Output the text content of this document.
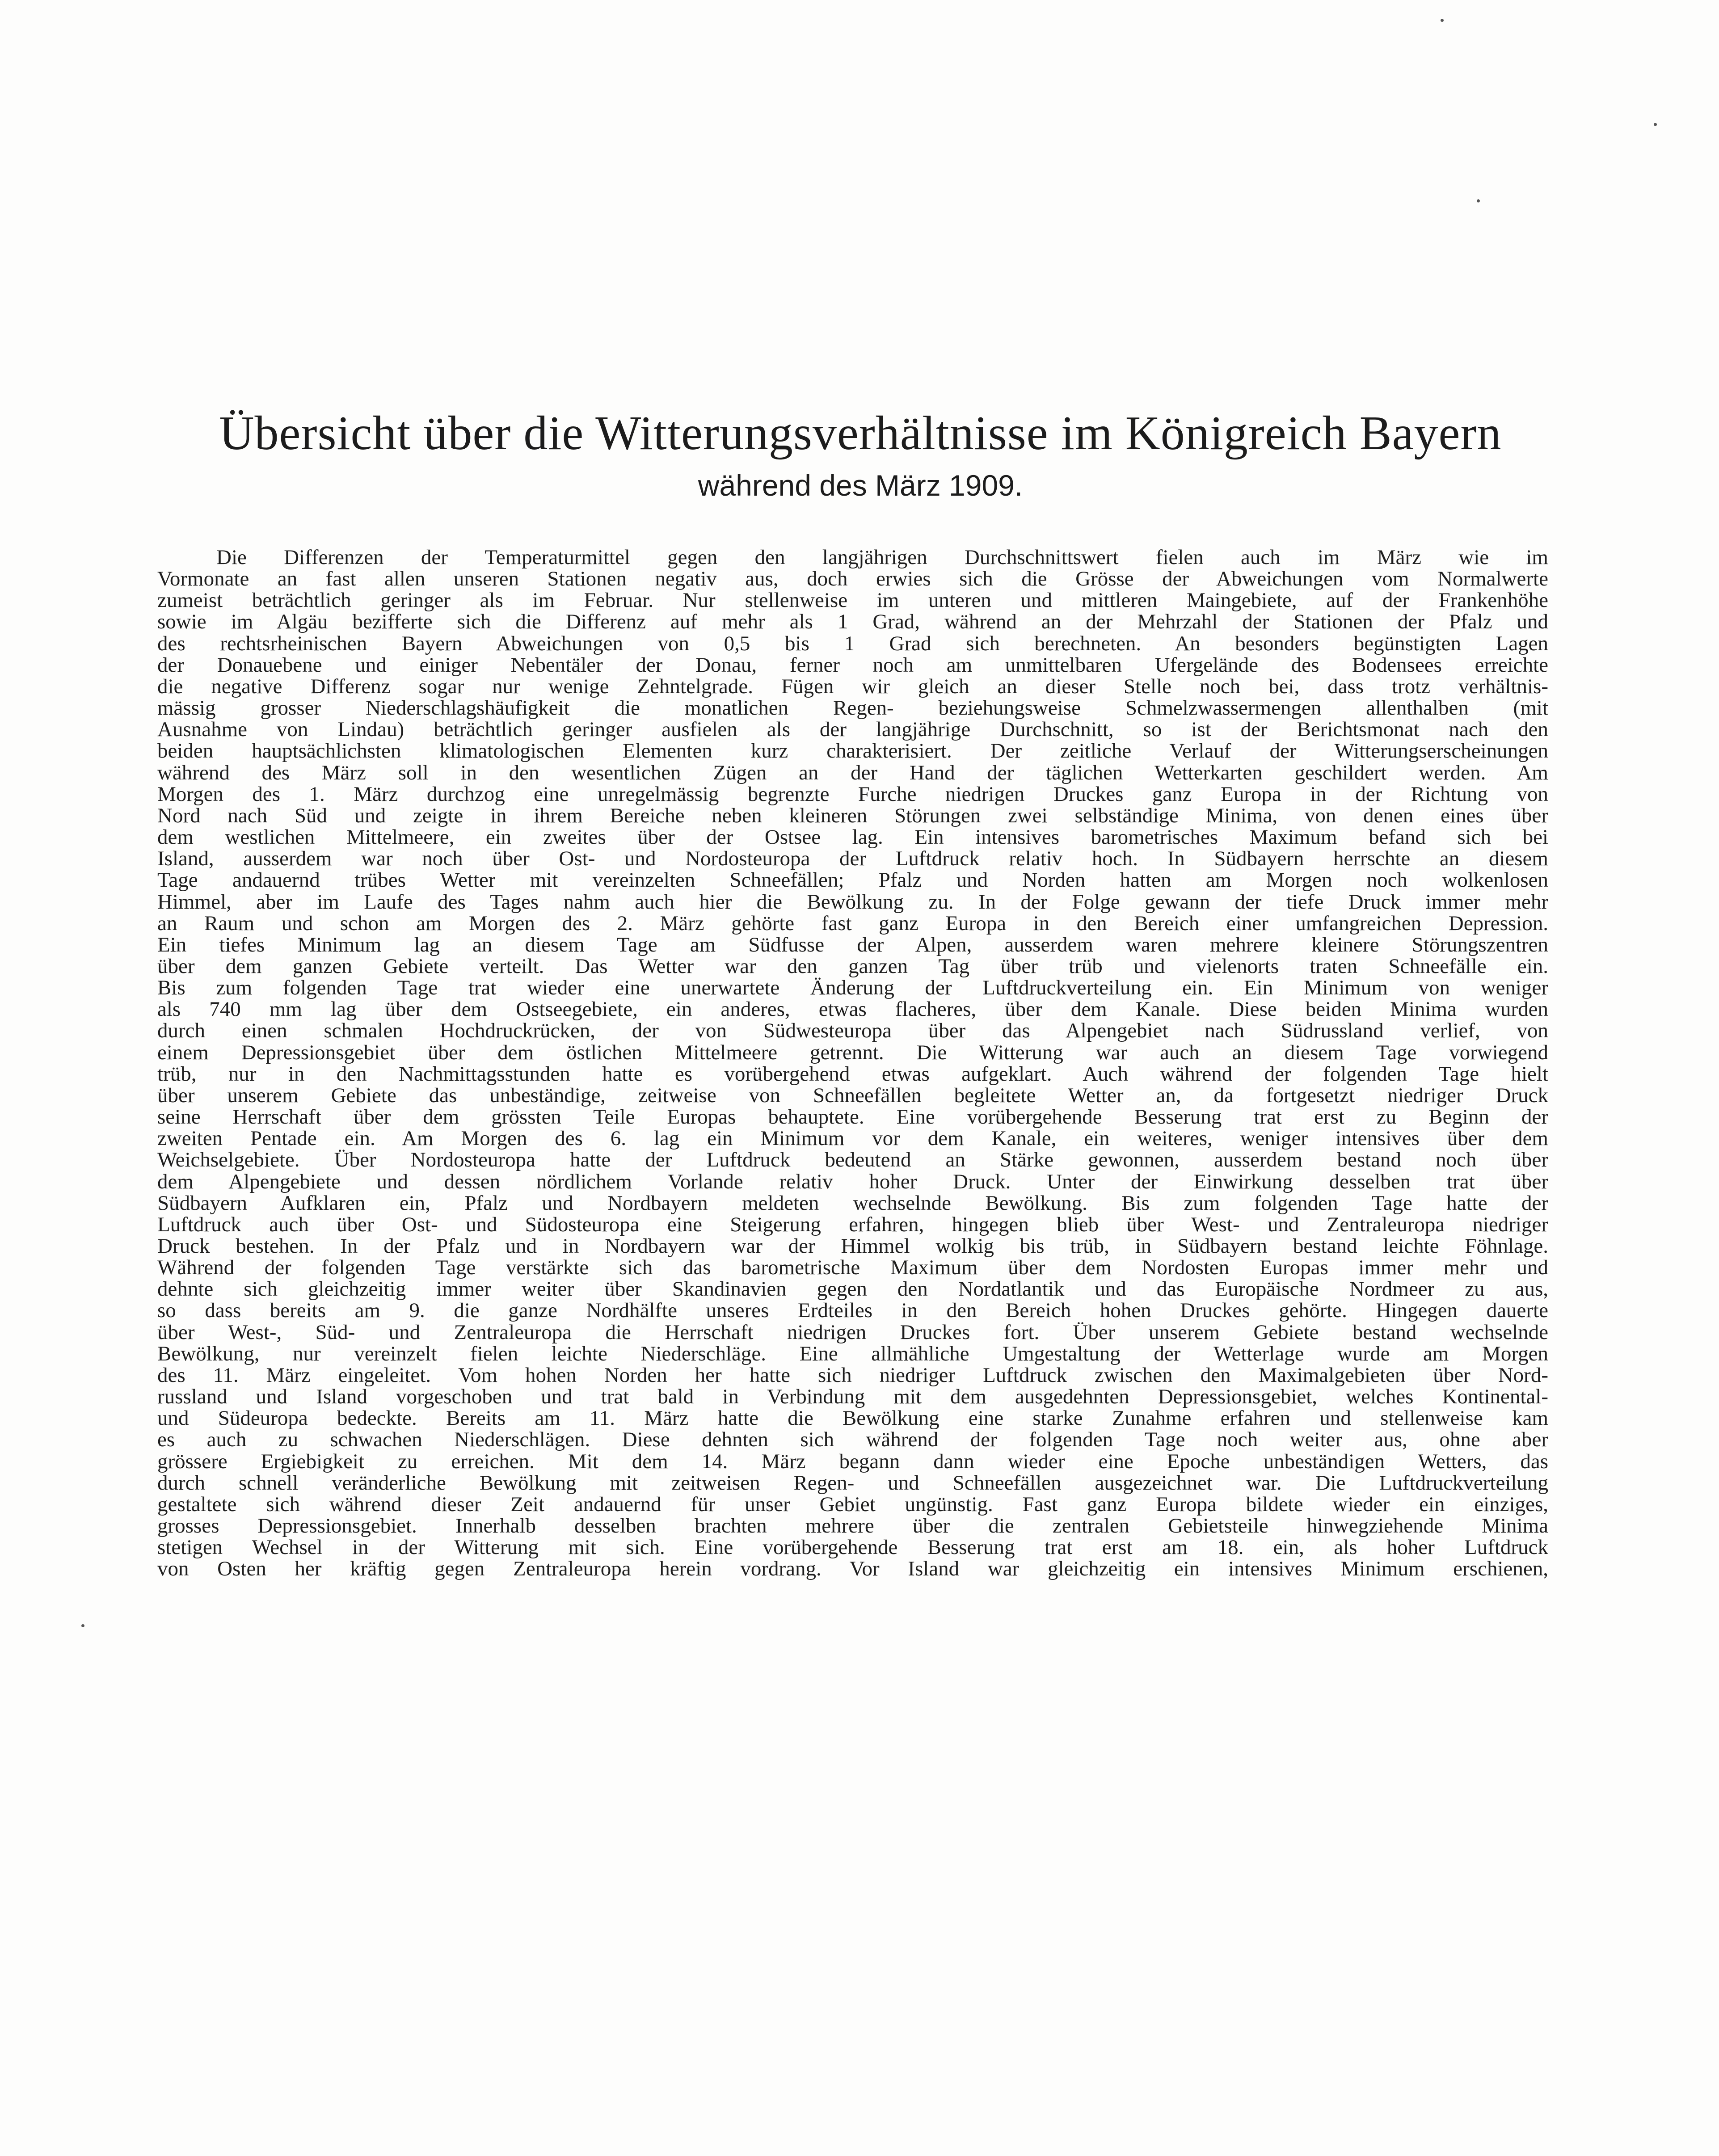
Übersicht über die Witterungsverhältnisse im Königreich Bayern
während des März 1909.
Die Differenzen der Temperaturmittel gegen den langjährigen Durchschnittswert fielen auch im März wie im
Vormonate an fast allen unseren Stationen negativ aus, doch erwies sich die Grösse der Abweichungen vom Normalwerte
zumeist beträchtlich geringer als im Februar. Nur stellenweise im unteren und mittleren Maingebiete, auf der Frankenhöhe
sowie im Algäu bezifferte sich die Differenz auf mehr als 1 Grad, während an der Mehrzahl der Stationen der Pfalz und
des rechtsrheinischen Bayern Abweichungen von 0,5 bis 1 Grad sich berechneten. An besonders begünstigten Lagen
der Donauebene und einiger Nebentäler der Donau, ferner noch am unmittelbaren Ufergelände des Bodensees erreichte
die negative Differenz sogar nur wenige Zehntelgrade. Fügen wir gleich an dieser Stelle noch bei, dass trotz verhältnis-
mässig grosser Niederschlagshäufigkeit die monatlichen Regen- beziehungsweise Schmelzwassermengen allenthalben (mit
Ausnahme von Lindau) beträchtlich geringer ausfielen als der langjährige Durchschnitt, so ist der Berichtsmonat nach den
beiden hauptsächlichsten klimatologischen Elementen kurz charakterisiert. Der zeitliche Verlauf der Witterungserscheinungen
während des März soll in den wesentlichen Zügen an der Hand der täglichen Wetterkarten geschildert werden. Am
Morgen des 1. März durchzog eine unregelmässig begrenzte Furche niedrigen Druckes ganz Europa in der Richtung von
Nord nach Süd und zeigte in ihrem Bereiche neben kleineren Störungen zwei selbständige Minima, von denen eines über
dem westlichen Mittelmeere, ein zweites über der Ostsee lag. Ein intensives barometrisches Maximum befand sich bei
Island, ausserdem war noch über Ost- und Nordosteuropa der Luftdruck relativ hoch. In Südbayern herrschte an diesem
Tage andauernd trübes Wetter mit vereinzelten Schneefällen; Pfalz und Norden hatten am Morgen noch wolkenlosen
Himmel, aber im Laufe des Tages nahm auch hier die Bewölkung zu. In der Folge gewann der tiefe Druck immer mehr
an Raum und schon am Morgen des 2. März gehörte fast ganz Europa in den Bereich einer umfangreichen Depression.
Ein tiefes Minimum lag an diesem Tage am Südfusse der Alpen, ausserdem waren mehrere kleinere Störungszentren
über dem ganzen Gebiete verteilt. Das Wetter war den ganzen Tag über trüb und vielenorts traten Schneefälle ein.
Bis zum folgenden Tage trat wieder eine unerwartete Änderung der Luftdruckverteilung ein. Ein Minimum von weniger
als 740 mm lag über dem Ostseegebiete, ein anderes, etwas flacheres, über dem Kanale. Diese beiden Minima wurden
durch einen schmalen Hochdruckrücken, der von Südwesteuropa über das Alpengebiet nach Südrussland verlief, von
einem Depressionsgebiet über dem östlichen Mittelmeere getrennt. Die Witterung war auch an diesem Tage vorwiegend
trüb, nur in den Nachmittagsstunden hatte es vorübergehend etwas aufgeklart. Auch während der folgenden Tage hielt
über unserem Gebiete das unbeständige, zeitweise von Schneefällen begleitete Wetter an, da fortgesetzt niedriger Druck
seine Herrschaft über dem grössten Teile Europas behauptete. Eine vorübergehende Besserung trat erst zu Beginn der
zweiten Pentade ein. Am Morgen des 6. lag ein Minimum vor dem Kanale, ein weiteres, weniger intensives über dem
Weichselgebiete. Über Nordosteuropa hatte der Luftdruck bedeutend an Stärke gewonnen, ausserdem bestand noch über
dem Alpengebiete und dessen nördlichem Vorlande relativ hoher Druck. Unter der Einwirkung desselben trat über
Südbayern Aufklaren ein, Pfalz und Nordbayern meldeten wechselnde Bewölkung. Bis zum folgenden Tage hatte der
Luftdruck auch über Ost- und Südosteuropa eine Steigerung erfahren, hingegen blieb über West- und Zentraleuropa niedriger
Druck bestehen. In der Pfalz und in Nordbayern war der Himmel wolkig bis trüb, in Südbayern bestand leichte Föhnlage.
Während der folgenden Tage verstärkte sich das barometrische Maximum über dem Nordosten Europas immer mehr und
dehnte sich gleichzeitig immer weiter über Skandinavien gegen den Nordatlantik und das Europäische Nordmeer zu aus,
so dass bereits am 9. die ganze Nordhälfte unseres Erdteiles in den Bereich hohen Druckes gehörte. Hingegen dauerte
über West-, Süd- und Zentraleuropa die Herrschaft niedrigen Druckes fort. Über unserem Gebiete bestand wechselnde
Bewölkung, nur vereinzelt fielen leichte Niederschläge. Eine allmähliche Umgestaltung der Wetterlage wurde am Morgen
des 11. März eingeleitet. Vom hohen Norden her hatte sich niedriger Luftdruck zwischen den Maximalgebieten über Nord-
russland und Island vorgeschoben und trat bald in Verbindung mit dem ausgedehnten Depressionsgebiet, welches Kontinental-
und Südeuropa bedeckte. Bereits am 11. März hatte die Bewölkung eine starke Zunahme erfahren und stellenweise kam
es auch zu schwachen Niederschlägen. Diese dehnten sich während der folgenden Tage noch weiter aus, ohne aber
grössere Ergiebigkeit zu erreichen. Mit dem 14. März begann dann wieder eine Epoche unbeständigen Wetters, das
durch schnell veränderliche Bewölkung mit zeitweisen Regen- und Schneefällen ausgezeichnet war. Die Luftdruckverteilung
gestaltete sich während dieser Zeit andauernd für unser Gebiet ungünstig. Fast ganz Europa bildete wieder ein einziges,
grosses Depressionsgebiet. Innerhalb desselben brachten mehrere über die zentralen Gebietsteile hinwegziehende Minima
stetigen Wechsel in der Witterung mit sich. Eine vorübergehende Besserung trat erst am 18. ein, als hoher Luftdruck
von Osten her kräftig gegen Zentraleuropa herein vordrang. Vor Island war gleichzeitig ein intensives Minimum erschienen,
